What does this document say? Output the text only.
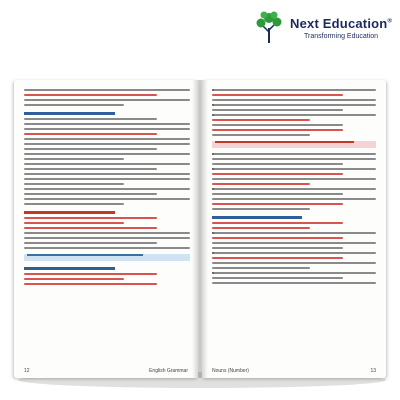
Next Education®
Transforming Education
12	English Grammar	Nouns (Number)	13
